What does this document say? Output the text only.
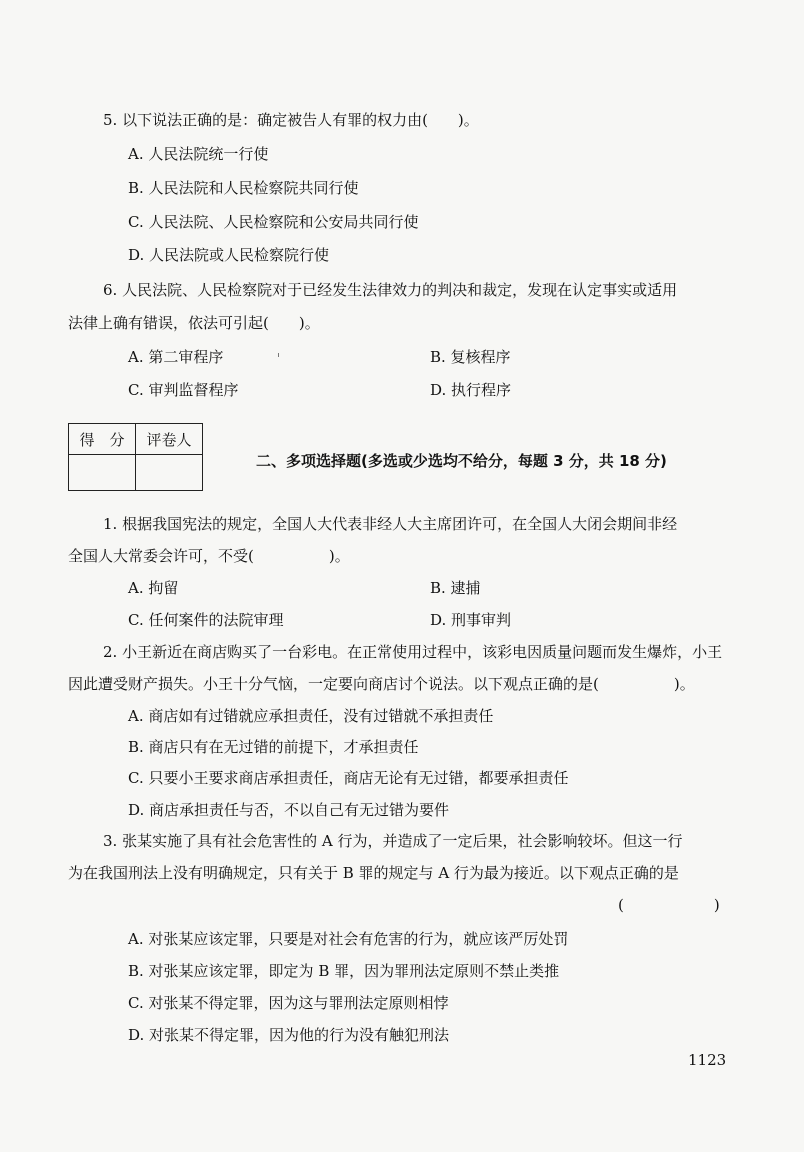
5. 以下说法正确的是：确定被告人有罪的权力由(　　)。
A. 人民法院统一行使
B. 人民法院和人民检察院共同行使
C. 人民法院、人民检察院和公安局共同行使
D. 人民法院或人民检察院行使
6. 人民法院、人民检察院对于已经发生法律效力的判决和裁定，发现在认定事实或适用
法律上确有错误，依法可引起(　　)。
A. 第二审程序	B. 复核程序
C. 审判监督程序	D. 执行程序
得　分	评卷人

二、多项选择题(多选或少选均不给分，每题 3 分，共 18 分)
1. 根据我国宪法的规定，全国人大代表非经人大主席团许可，在全国人大闭会期间非经
全国人大常委会许可，不受(　　　　　)。
A. 拘留	B. 逮捕
C. 任何案件的法院审理	D. 刑事审判
2. 小王新近在商店购买了一台彩电。在正常使用过程中，该彩电因质量问题而发生爆炸，小王
因此遭受财产损失。小王十分气恼，一定要向商店讨个说法。以下观点正确的是(　　　　　)。
A. 商店如有过错就应承担责任，没有过错就不承担责任
B. 商店只有在无过错的前提下，才承担责任
C. 只要小王要求商店承担责任，商店无论有无过错，都要承担责任
D. 商店承担责任与否，不以自己有无过错为要件
3. 张某实施了具有社会危害性的 A 行为，并造成了一定后果，社会影响较坏。但这一行
为在我国刑法上没有明确规定，只有关于 B 罪的规定与 A 行为最为接近。以下观点正确的是
(　　　　　　)
A. 对张某应该定罪，只要是对社会有危害的行为，就应该严厉处罚
B. 对张某应该定罪，即定为 B 罪，因为罪刑法定原则不禁止类推
C. 对张某不得定罪，因为这与罪刑法定原则相悖
D. 对张某不得定罪，因为他的行为没有触犯刑法
1123
